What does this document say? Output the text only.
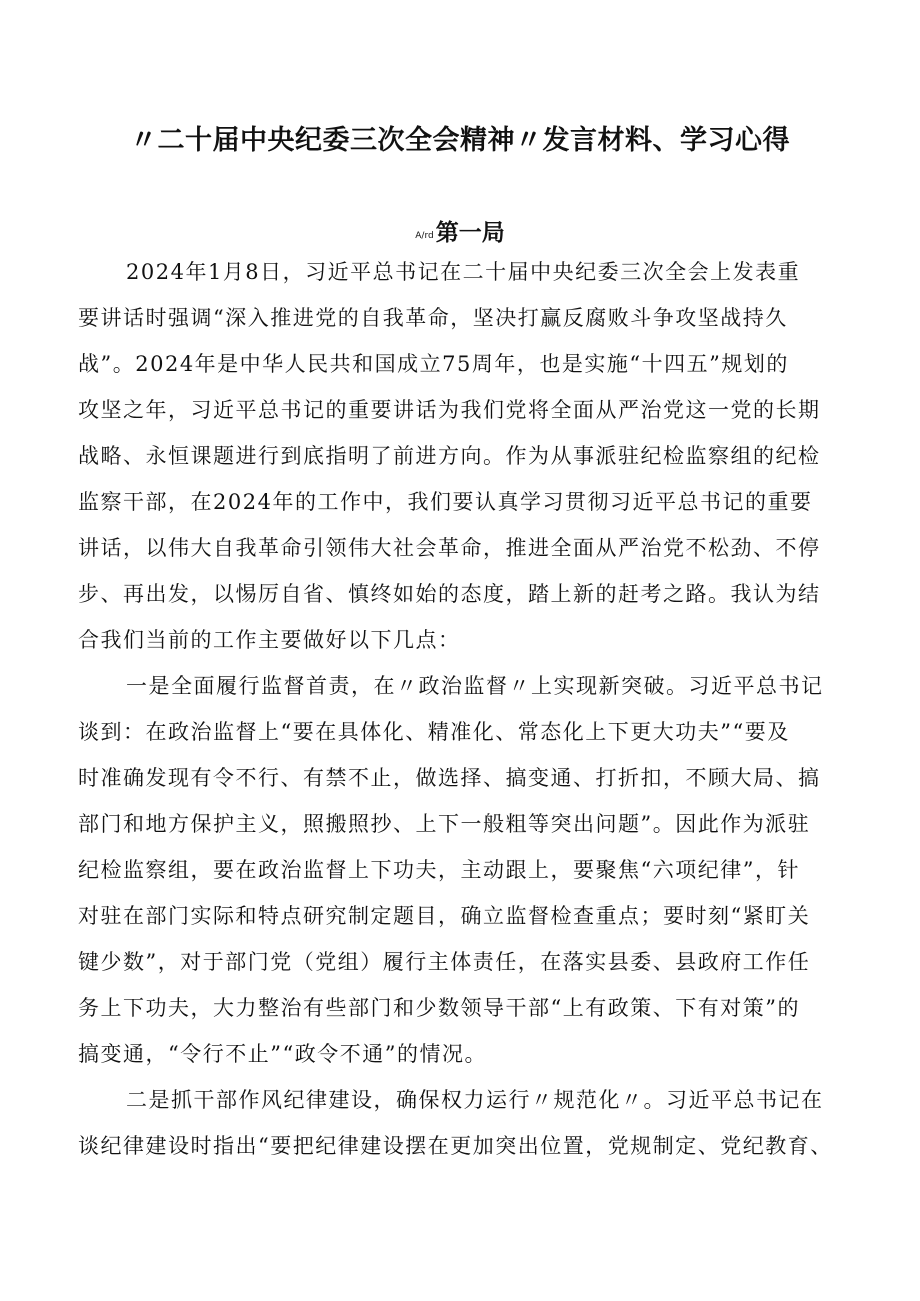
〃二十届中央纪委三次全会精神〃发言材料、学习心得
A/rd第一局
2024年1月8日，习近平总书记在二十届中央纪委三次全会上发表重
要讲话时强调“深入推进党的自我革命，坚决打赢反腐败斗争攻坚战持久
战”。2024年是中华人民共和国成立75周年，也是实施“十四五”规划的
攻坚之年，习近平总书记的重要讲话为我们党将全面从严治党这一党的长期
战略、永恒课题进行到底指明了前进方向。作为从事派驻纪检监察组的纪检
监察干部，在2024年的工作中，我们要认真学习贯彻习近平总书记的重要
讲话，以伟大自我革命引领伟大社会革命，推进全面从严治党不松劲、不停
步、再出发，以惕厉自省、慎终如始的态度，踏上新的赶考之路。我认为结
合我们当前的工作主要做好以下几点：
一是全面履行监督首责，在〃政治监督〃上实现新突破。习近平总书记
谈到：在政治监督上“要在具体化、精准化、常态化上下更大功夫”“要及
时准确发现有令不行、有禁不止，做选择、搞变通、打折扣，不顾大局、搞
部门和地方保护主义，照搬照抄、上下一般粗等突出问题”。因此作为派驻
纪检监察组，要在政治监督上下功夫，主动跟上，要聚焦“六项纪律”，针
对驻在部门实际和特点研究制定题目，确立监督检查重点；要时刻“紧盯关
键少数”，对于部门党（党组）履行主体责任，在落实县委、县政府工作任
务上下功夫，大力整治有些部门和少数领导干部“上有政策、下有对策”的
搞变通，“令行不止”“政令不通”的情况。
二是抓干部作风纪律建设，确保权力运行〃规范化〃。习近平总书记在
谈纪律建设时指出“要把纪律建设摆在更加突出位置，党规制定、党纪教育、
